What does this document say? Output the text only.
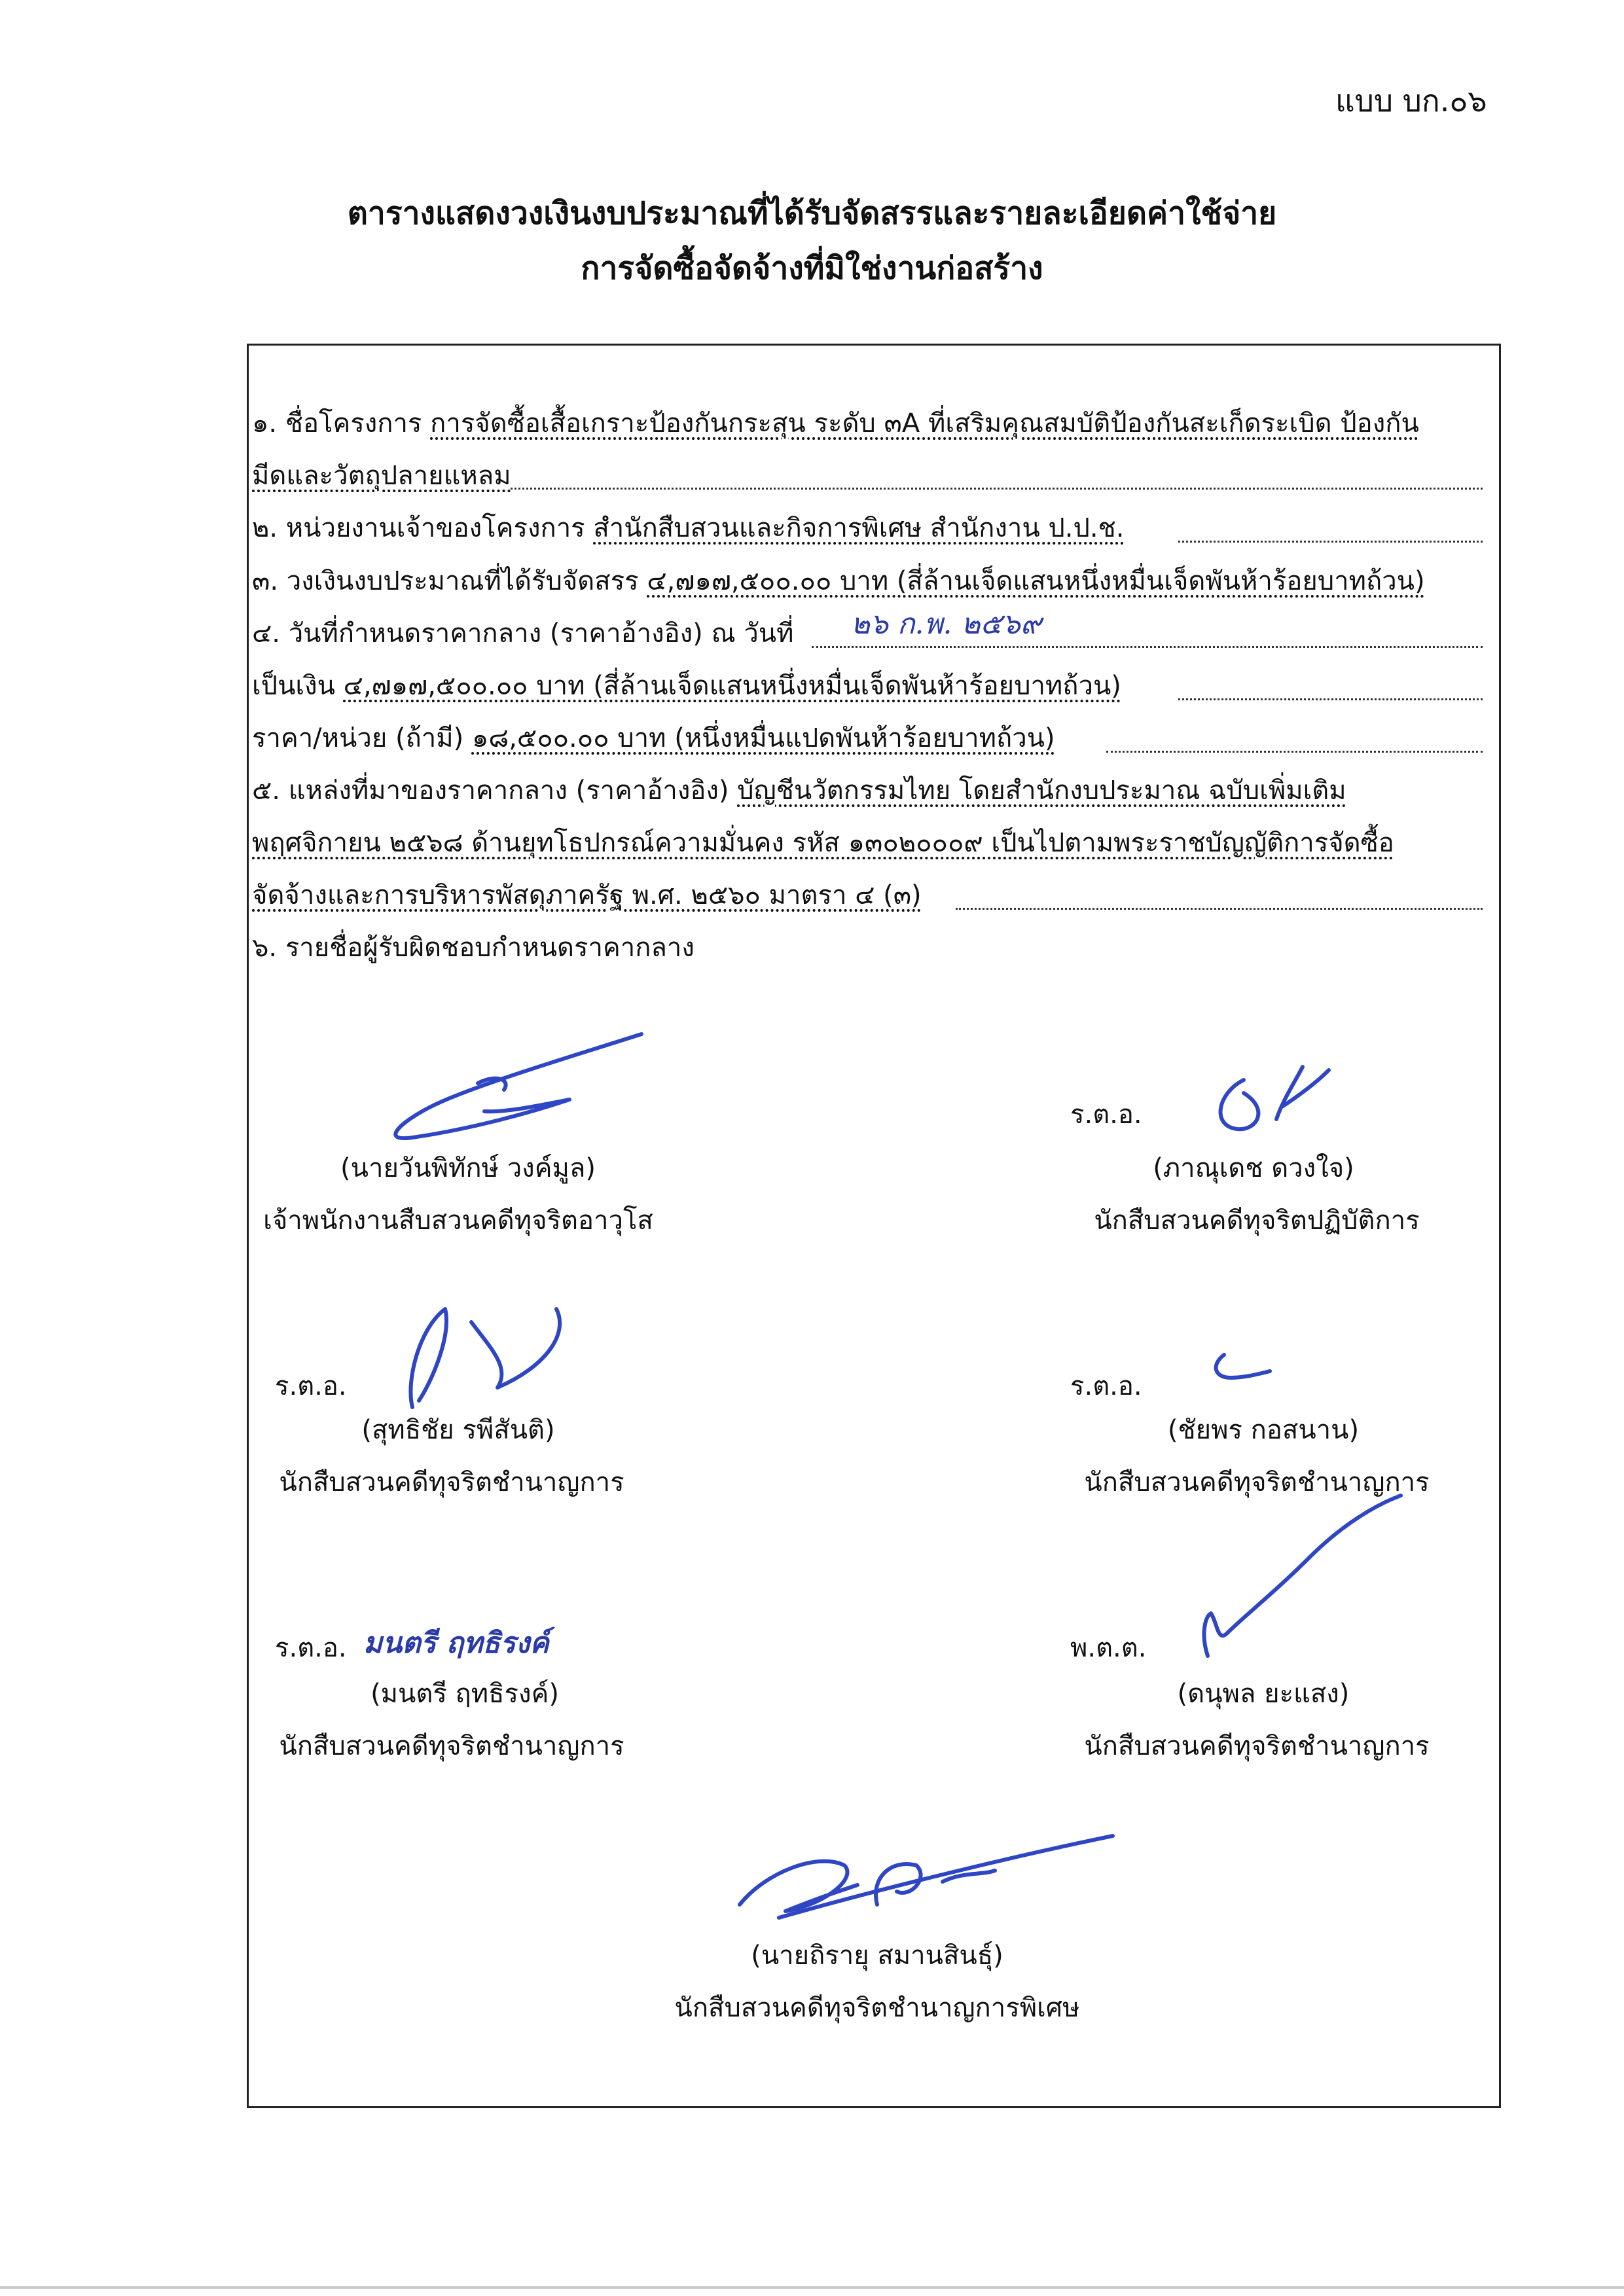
แบบ บก.๐๖
ตารางแสดงวงเงินงบประมาณที่ได้รับจัดสรรและรายละเอียดค่าใช้จ่าย
การจัดซื้อจัดจ้างที่มิใช่งานก่อสร้าง
๑. ชื่อโครงการ การจัดซื้อเสื้อเกราะป้องกันกระสุน ระดับ ๓A ที่เสริมคุณสมบัติป้องกันสะเก็ดระเบิด ป้องกัน
มีดและวัตถุปลายแหลม
๒. หน่วยงานเจ้าของโครงการ สำนักสืบสวนและกิจการพิเศษ สำนักงาน ป.ป.ช.
๓. วงเงินงบประมาณที่ได้รับจัดสรร ๔,๗๑๗,๕๐๐.๐๐ บาท (สี่ล้านเจ็ดแสนหนึ่งหมื่นเจ็ดพันห้าร้อยบาทถ้วน)
๔. วันที่กำหนดราคากลาง (ราคาอ้างอิง) ณ วันที่	๒๖ ก.พ. ๒๕๖๙
เป็นเงิน ๔,๗๑๗,๕๐๐.๐๐ บาท (สี่ล้านเจ็ดแสนหนึ่งหมื่นเจ็ดพันห้าร้อยบาทถ้วน)
ราคา/หน่วย (ถ้ามี) ๑๘,๕๐๐.๐๐ บาท (หนึ่งหมื่นแปดพันห้าร้อยบาทถ้วน)
๕. แหล่งที่มาของราคากลาง (ราคาอ้างอิง) บัญชีนวัตกรรมไทย โดยสำนักงบประมาณ ฉบับเพิ่มเติม
พฤศจิกายน ๒๕๖๘ ด้านยุทโธปกรณ์ความมั่นคง รหัส ๑๓๐๒๐๐๐๙ เป็นไปตามพระราชบัญญัติการจัดซื้อ
จัดจ้างและการบริหารพัสดุภาครัฐ พ.ศ. ๒๕๖๐ มาตรา ๔ (๓)
๖. รายชื่อผู้รับผิดชอบกำหนดราคากลาง
(นายวันพิทักษ์ วงค์มูล)
เจ้าพนักงานสืบสวนคดีทุจริตอาวุโส
ร.ต.อ.
(ภาณุเดช ดวงใจ)
นักสืบสวนคดีทุจริตปฏิบัติการ
ร.ต.อ.
(สุทธิชัย รพีสันติ)
นักสืบสวนคดีทุจริตชำนาญการ
ร.ต.อ.
(ชัยพร กอสนาน)
นักสืบสวนคดีทุจริตชำนาญการ
ร.ต.อ. มนตรี ฤทธิรงค์
(มนตรี ฤทธิรงค์)
นักสืบสวนคดีทุจริตชำนาญการ
พ.ต.ต.
(ดนุพล ยะแสง)
นักสืบสวนคดีทุจริตชำนาญการ
(นายถิรายุ สมานสินธุ์)
นักสืบสวนคดีทุจริตชำนาญการพิเศษ
